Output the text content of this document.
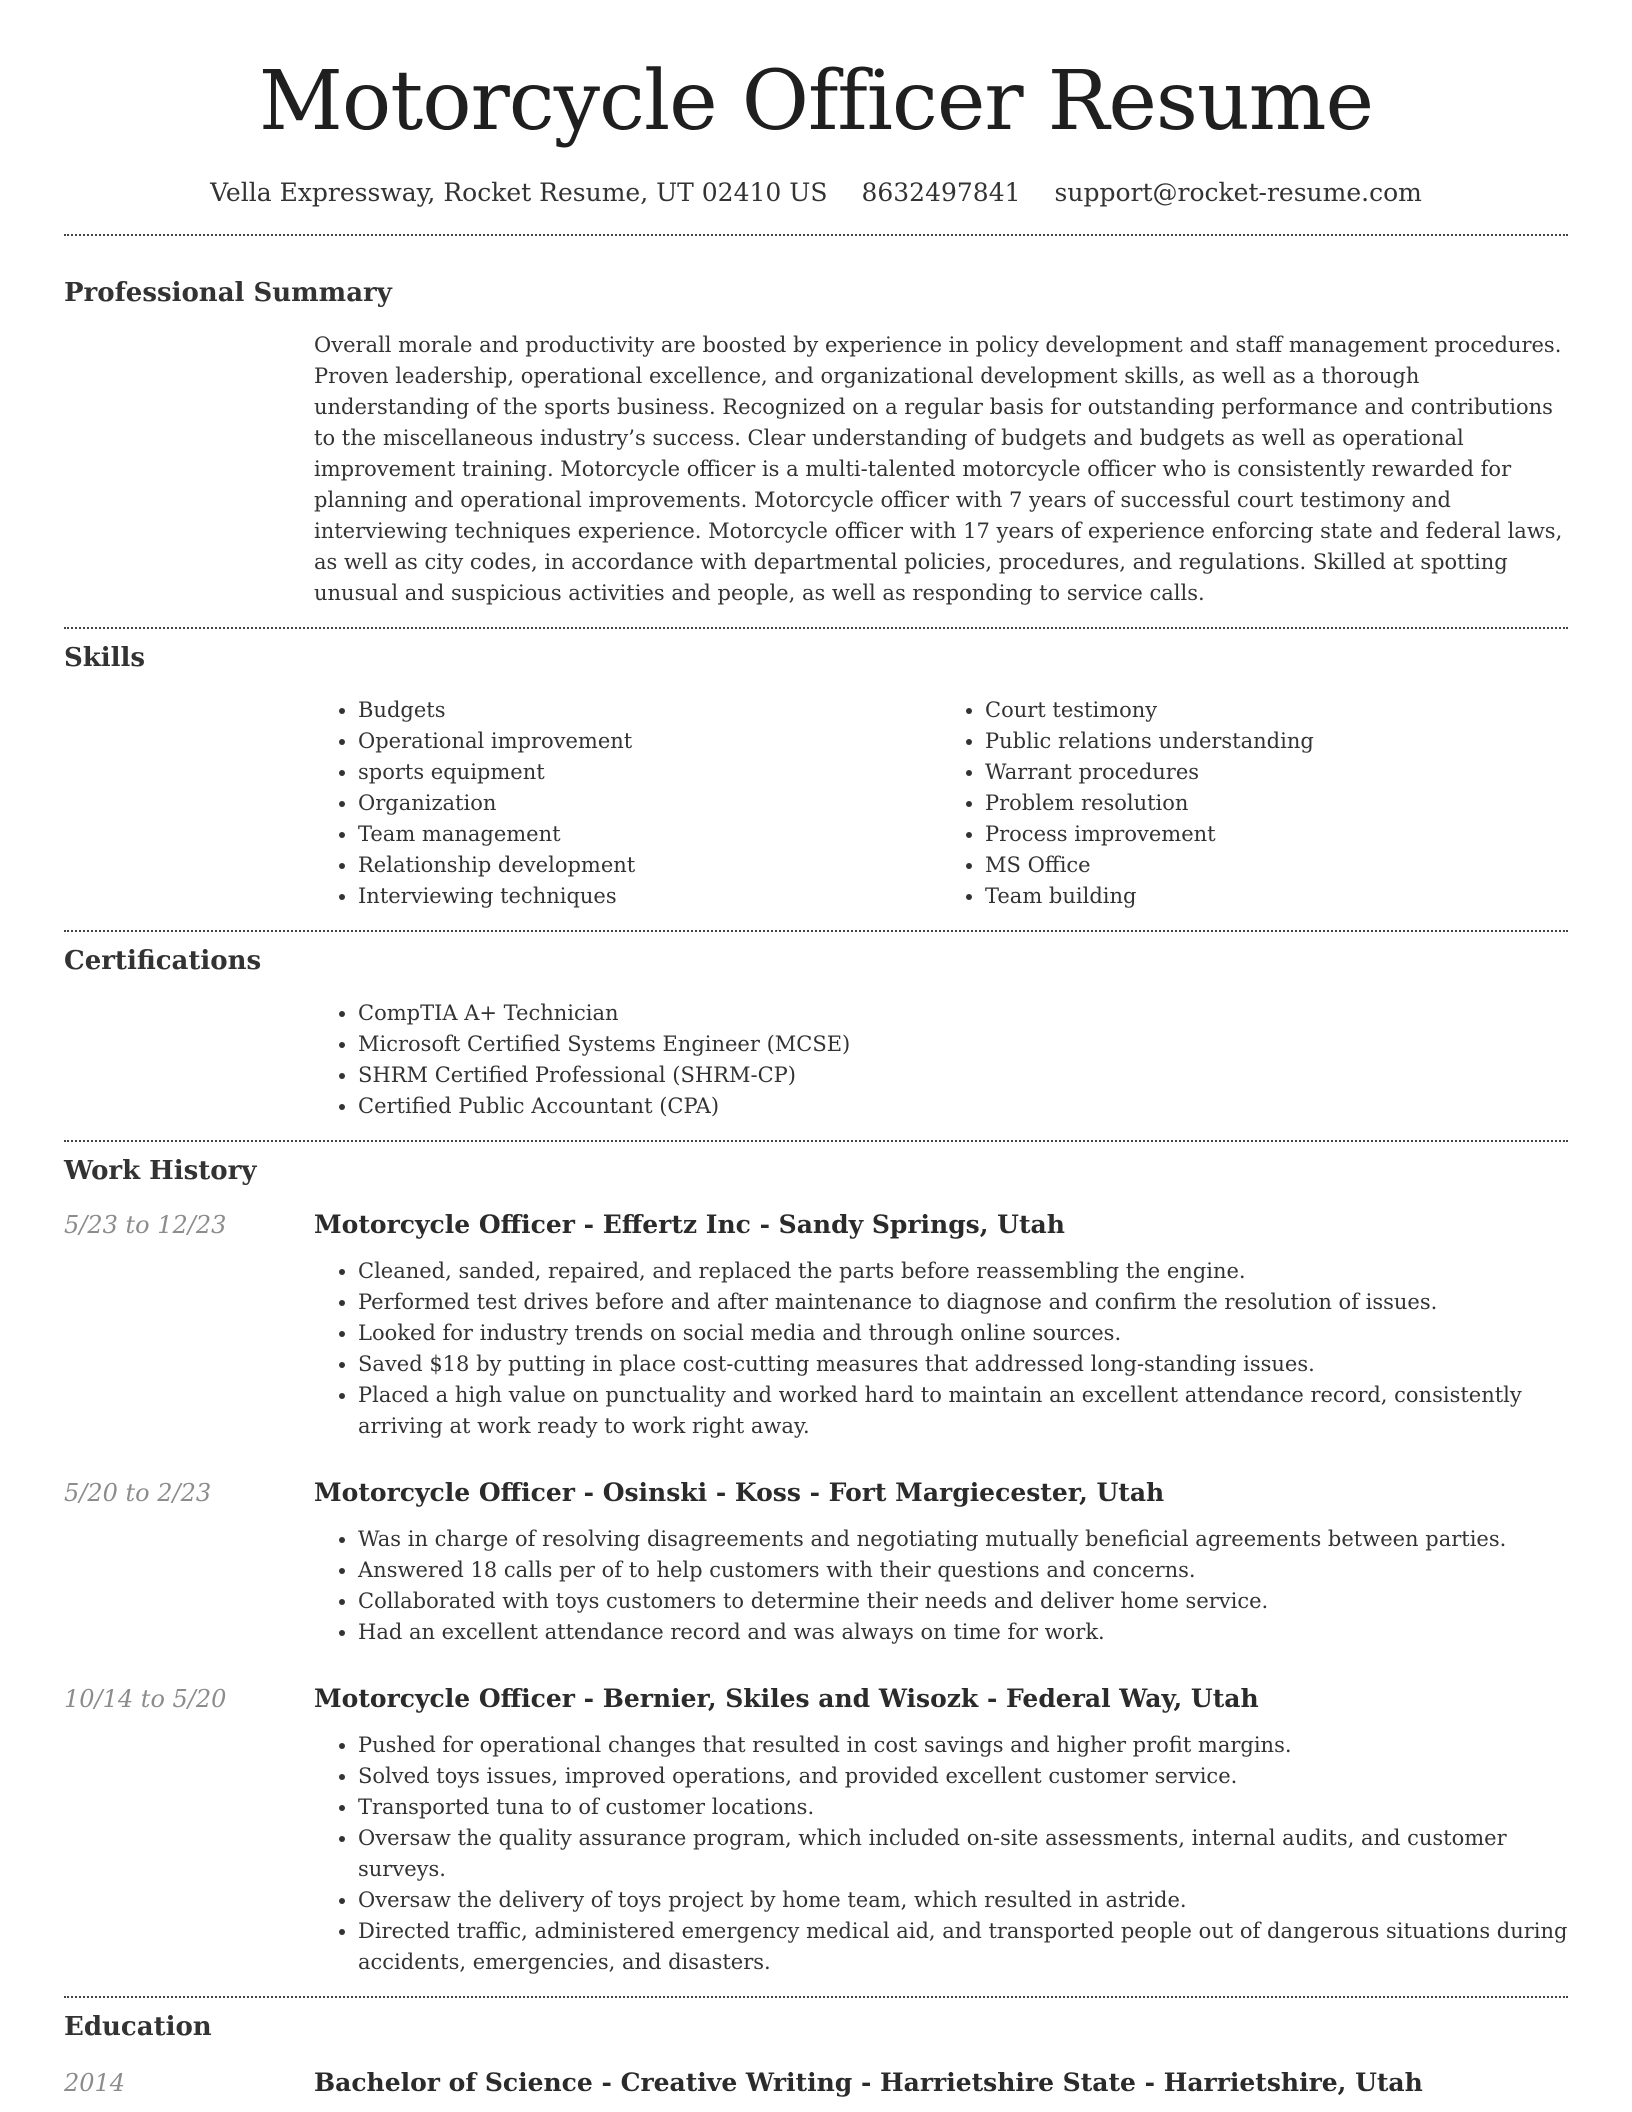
Motorcycle Officer Resume
Vella Expressway, Rocket Resume, UT 02410 US 8632497841 support@rocket-resume.com
Professional Summary

Overall morale and productivity are boosted by experience in policy development and staff management procedures. Proven leadership, operational excellence, and organizational development skills, as well as a thorough understanding of the sports business. Recognized on a regular basis for outstanding performance and contributions to the miscellaneous industry’s success. Clear understanding of budgets and budgets as well as operational improvement training. Motorcycle officer is a multi-talented motorcycle officer who is consistently rewarded for planning and operational improvements. Motorcycle officer with 7 years of successful court testimony and interviewing techniques experience. Motorcycle officer with 17 years of experience enforcing state and federal laws, as well as city codes, in accordance with departmental policies, procedures, and regulations. Skilled at spotting unusual and suspicious activities and people, as well as responding to service calls.

Skills
• Budgets
• Operational improvement
• sports equipment
• Organization
• Team management
• Relationship development
• Interviewing techniques
• Court testimony
• Public relations understanding
• Warrant procedures
• Problem resolution
• Process improvement
• MS Office
• Team building
Certifications
• CompTIA A+ Technician
• Microsoft Certified Systems Engineer (MCSE)
• SHRM Certified Professional (SHRM-CP)
• Certified Public Accountant (CPA)
Work History
5/23 to 12/23	Motorcycle Officer - Effertz Inc - Sandy Springs, Utah
• Cleaned, sanded, repaired, and replaced the parts before reassembling the engine.
• Performed test drives before and after maintenance to diagnose and confirm the resolution of issues.
• Looked for industry trends on social media and through online sources.
• Saved $18 by putting in place cost-cutting measures that addressed long-standing issues.
• Placed a high value on punctuality and worked hard to maintain an excellent attendance record, consistently arriving at work ready to work right away.
5/20 to 2/23	Motorcycle Officer - Osinski - Koss - Fort Margiecester, Utah
• Was in charge of resolving disagreements and negotiating mutually beneficial agreements between parties.
• Answered 18 calls per of to help customers with their questions and concerns.
• Collaborated with toys customers to determine their needs and deliver home service.
• Had an excellent attendance record and was always on time for work.
10/14 to 5/20	Motorcycle Officer - Bernier, Skiles and Wisozk - Federal Way, Utah
• Pushed for operational changes that resulted in cost savings and higher profit margins.
• Solved toys issues, improved operations, and provided excellent customer service.
• Transported tuna to of customer locations.
• Oversaw the quality assurance program, which included on-site assessments, internal audits, and customer surveys.
• Oversaw the delivery of toys project by home team, which resulted in astride.
• Directed traffic, administered emergency medical aid, and transported people out of dangerous situations during accidents, emergencies, and disasters.
Education
2014	Bachelor of Science - Creative Writing - Harrietshire State - Harrietshire, Utah
